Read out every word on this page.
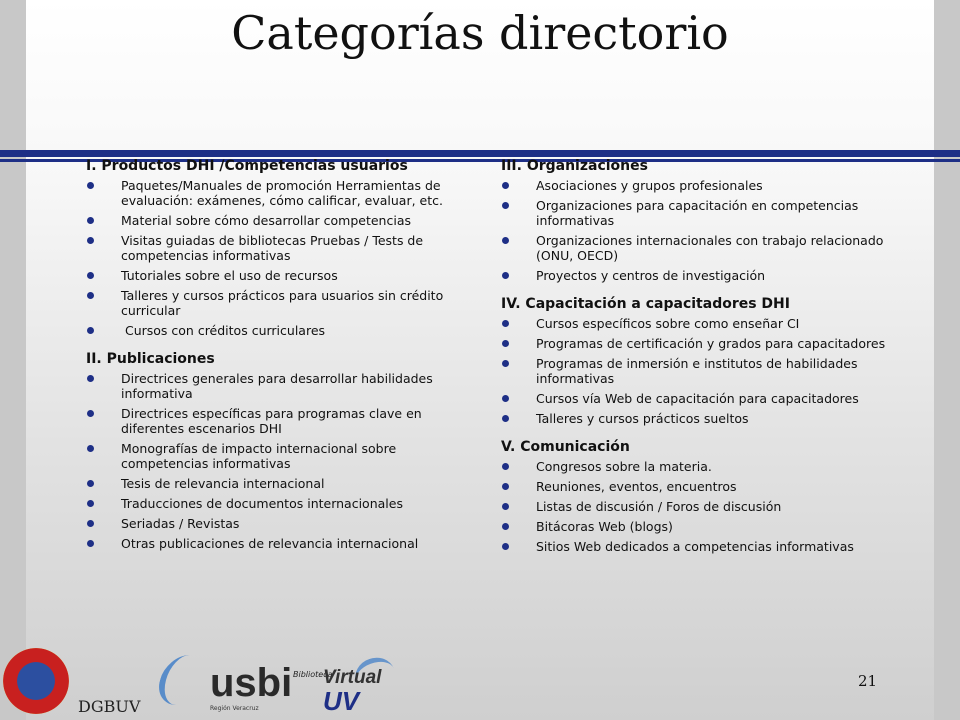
Categorías directorio
I. Productos DHI /Competencias usuarios
Paquetes/Manuales de promoción Herramientas de evaluación: exámenes, cómo calificar, evaluar, etc.
Material sobre cómo desarrollar competencias
Visitas guiadas de bibliotecas Pruebas / Tests de competencias informativas
Tutoriales sobre el uso de recursos
Talleres y cursos prácticos para usuarios sin crédito curricular
Cursos con créditos curriculares
II. Publicaciones
Directrices generales para desarrollar habilidades informativa
Directrices específicas para programas clave en diferentes escenarios DHI
Monografías de impacto internacional sobre competencias informativas
Tesis de relevancia internacional
Traducciones de documentos internacionales
Seriadas / Revistas
Otras publicaciones de relevancia internacional
III. Organizaciones
Asociaciones y grupos profesionales
Organizaciones para capacitación en competencias informativas
Organizaciones internacionales con trabajo relacionado (ONU, OECD)
Proyectos y centros de investigación
IV. Capacitación a capacitadores DHI
Cursos específicos sobre como enseñar CI
Programas de certificación y grados para capacitadores
Programas de inmersión e institutos de habilidades informativas
Cursos vía Web de capacitación para capacitadores
Talleres y cursos prácticos sueltos
V. Comunicación
Congresos sobre la materia.
Reuniones, eventos, encuentros
Listas de discusión / Foros de discusión
Bitácoras Web (blogs)
Sitios Web dedicados a competencias informativas
21
DGBUV
usbi
Región Veracruz
Biblioteca
Virtual
UV
